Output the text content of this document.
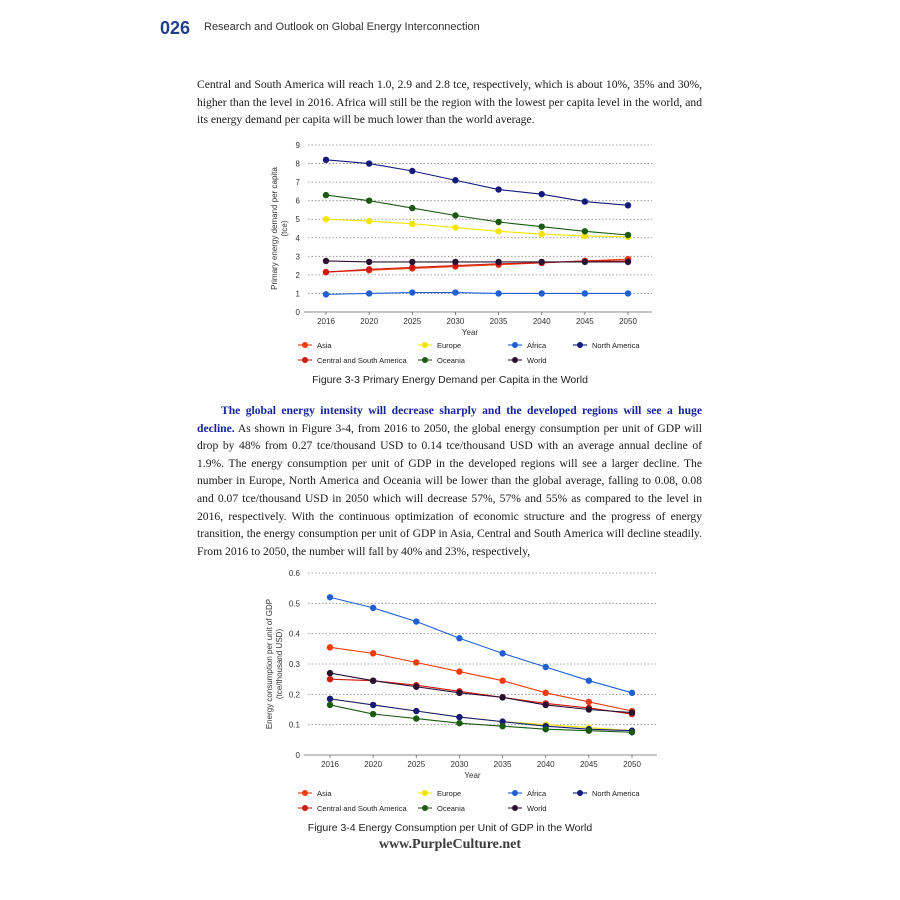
026 Research and Outlook on Global Energy Interconnection

Central and South America will reach 1.0, 2.9 and 2.8 tce, respectively, which is about 10%, 35% and 30%, higher than the level in 2016. Africa will still be the region with the lowest per capita level in the world, and its energy demand per capita will be much lower than the world average.

0
1
2
3
4
5
6
7
8
9
2016	2020	2025	2030	2035	2040	2045	2050
Year
Primary energy demand per capita (tce)
Asia	Europe	Africa	North America
Central and South America	Oceania	World
Figure 3-3 Primary Energy Demand per Capita in the World

The global energy intensity will decrease sharply and the developed regions will see a huge decline. As shown in Figure 3-4, from 2016 to 2050, the global energy consumption per unit of GDP will drop by 48% from 0.27 tce/thousand USD to 0.14 tce/thousand USD with an average annual decline of 1.9%. The energy consumption per unit of GDP in the developed regions will see a larger decline. The number in Europe, North America and Oceania will be lower than the global average, falling to 0.08, 0.08 and 0.07 tce/thousand USD in 2050 which will decrease 57%, 57% and 55% as compared to the level in 2016, respectively. With the continuous optimization of economic structure and the progress of energy transition, the energy consumption per unit of GDP in Asia, Central and South America will decline steadily. From 2016 to 2050, the number will fall by 40% and 23%, respectively,

0
0.1
0.2
0.3
0.4
0.5
0.6
2016	2020	2025	2030	2035	2040	2045	2050
Year
Energy consumption per unit of GDP (tce/thousand USD)
Asia	Europe	Africa	North America
Central and South America	Oceania	World
Figure 3-4 Energy Consumption per Unit of GDP in the World
www.PurpleCulture.net
